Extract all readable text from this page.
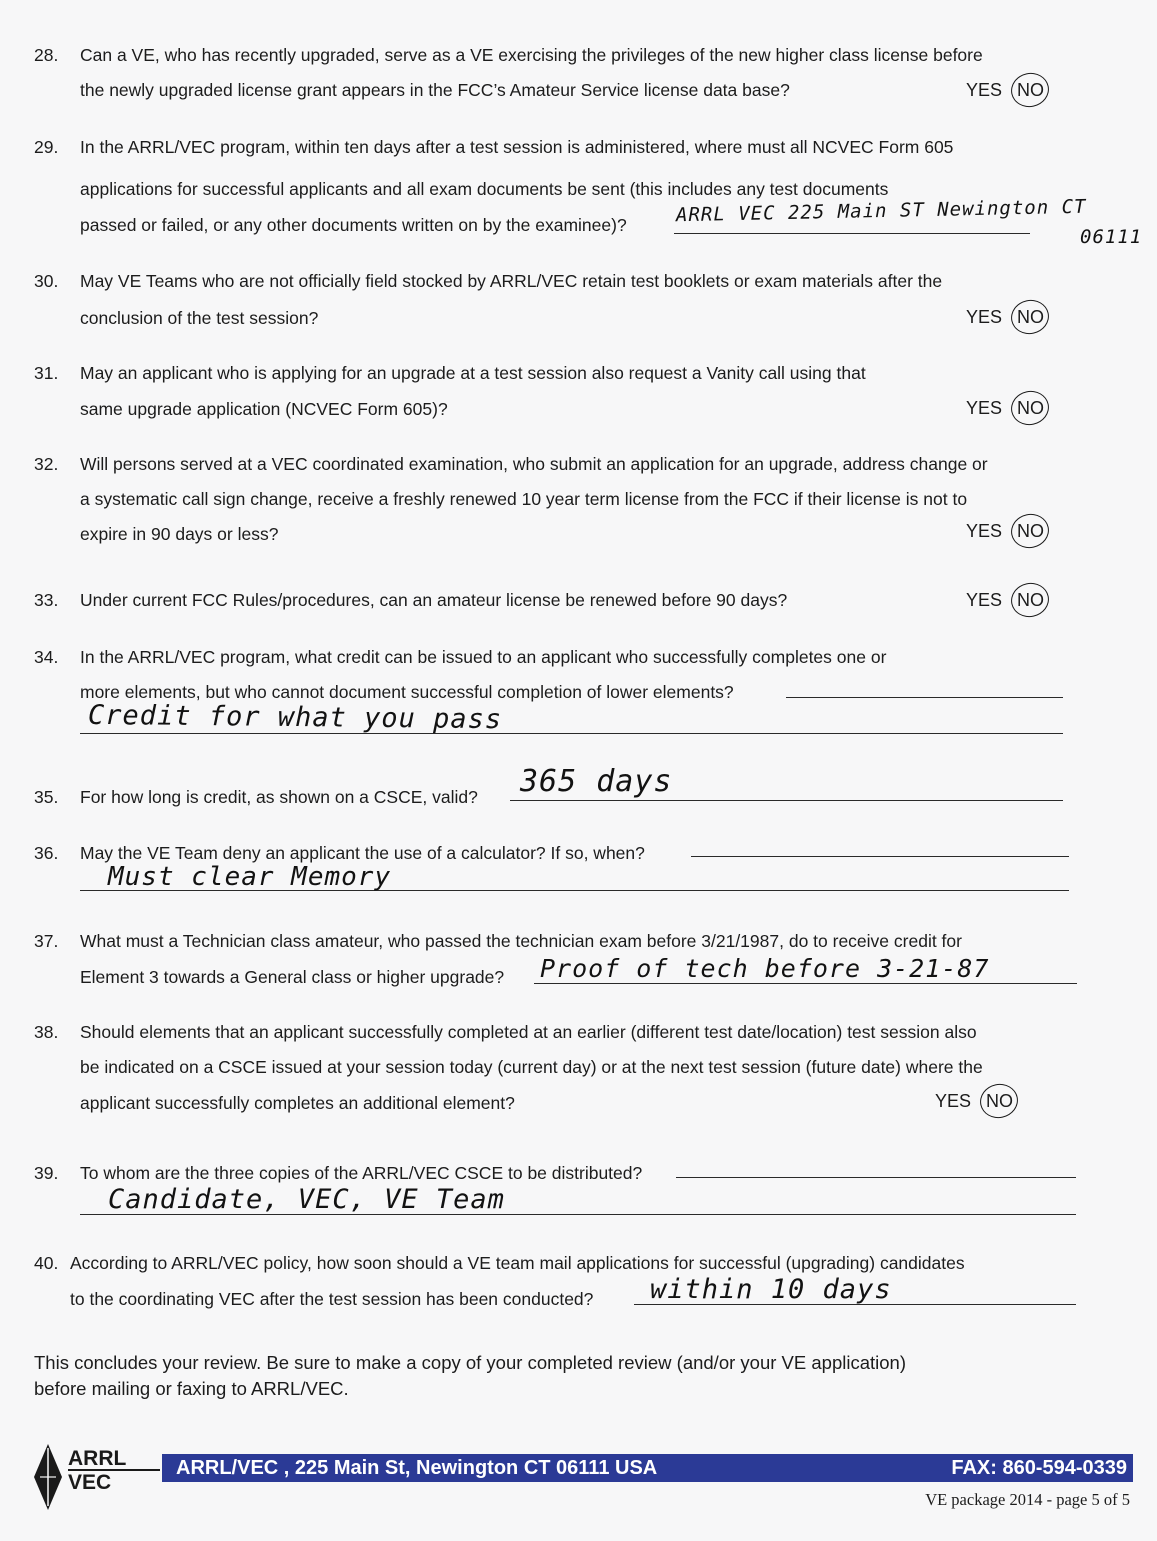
28. Can a VE, who has recently upgraded, serve as a VE exercising the privileges of the new higher class license before
the newly upgraded license grant appears in the FCC’s Amateur Service license data base?	YES NO
29. In the ARRL/VEC program, within ten days after a test session is administered, where must all NCVEC Form 605
applications for successful applicants and all exam documents be sent (this includes any test documents
passed or failed, or any other documents written on by the examinee)?	ARRL VEC 225 Main ST Newington CT
06111
30. May VE Teams who are not officially field stocked by ARRL/VEC retain test booklets or exam materials after the
conclusion of the test session?	YES NO
31. May an applicant who is applying for an upgrade at a test session also request a Vanity call using that
same upgrade application (NCVEC Form 605)?	YES NO
32. Will persons served at a VEC coordinated examination, who submit an application for an upgrade, address change or
a systematic call sign change, receive a freshly renewed 10 year term license from the FCC if their license is not to
expire in 90 days or less?	YES NO
33. Under current FCC Rules/procedures, can an amateur license be renewed before 90 days?	YES NO
34. In the ARRL/VEC program, what credit can be issued to an applicant who successfully completes one or
more elements, but who cannot document successful completion of lower elements?
Credit for what you pass
35. For how long is credit, as shown on a CSCE, valid? 365 days
36. May the VE Team deny an applicant the use of a calculator? If so, when?
Must clear Memory
37. What must a Technician class amateur, who passed the technician exam before 3/21/1987, do to receive credit for
Element 3 towards a General class or higher upgrade? Proof of tech before 3-21-87
38. Should elements that an applicant successfully completed at an earlier (different test date/location) test session also
be indicated on a CSCE issued at your session today (current day) or at the next test session (future date) where the
applicant successfully completes an additional element?	YES NO
39. To whom are the three copies of the ARRL/VEC CSCE to be distributed?
Candidate, VEC, VE Team
40. According to ARRL/VEC policy, how soon should a VE team mail applications for successful (upgrading) candidates
to the coordinating VEC after the test session has been conducted? within 10 days
This concludes your review. Be sure to make a copy of your completed review (and/or your VE application)
before mailing or faxing to ARRL/VEC.
ARRL
VEC
ARRL/VEC , 225 Main St, Newington CT 06111 USA	FAX: 860-594-0339
VE package 2014 - page 5 of 5
